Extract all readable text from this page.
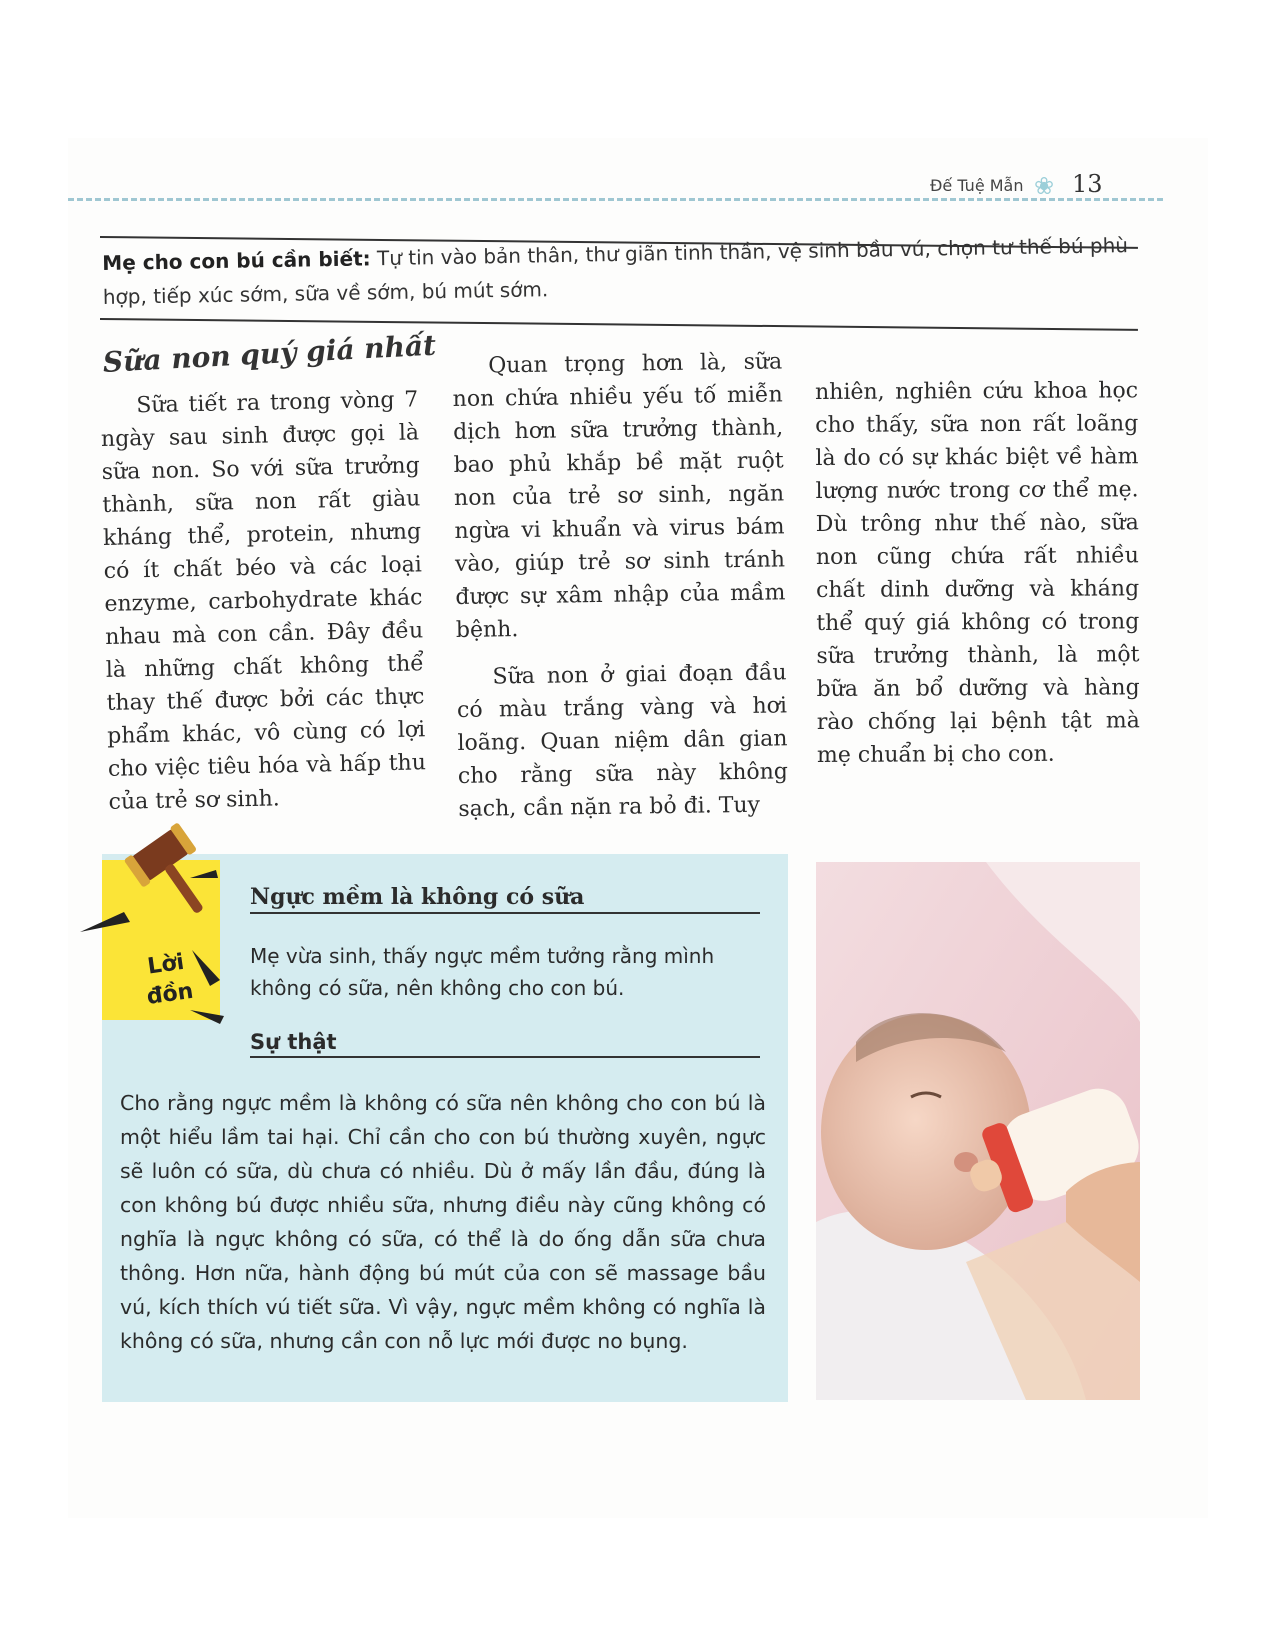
Đế Tuệ Mẫn ❀ 13
Mẹ cho con bú cần biết: Tự tin vào bản thân, thư giãn tinh thần, vệ sinh bầu vú, chọn tư thế bú phù hợp, tiếp xúc sớm, sữa về sớm, bú mút sớm.
Sữa non quý giá nhất

Sữa tiết ra trong vòng 7 ngày sau sinh được gọi là sữa non. So với sữa trưởng thành, sữa non rất giàu kháng thể, protein, nhưng có ít chất béo và các loại enzyme, carbohydrate khác nhau mà con cần. Đây đều là những chất không thể thay thế được bởi các thực phẩm khác, vô cùng có lợi cho việc tiêu hóa và hấp thu của trẻ sơ sinh.

Quan trọng hơn là, sữa non chứa nhiều yếu tố miễn dịch hơn sữa trưởng thành, bao phủ khắp bề mặt ruột non của trẻ sơ sinh, ngăn ngừa vi khuẩn và virus bám vào, giúp trẻ sơ sinh tránh được sự xâm nhập của mầm bệnh.

Sữa non ở giai đoạn đầu có màu trắng vàng và hơi loãng. Quan niệm dân gian cho rằng sữa này không sạch, cần nặn ra bỏ đi. Tuy

nhiên, nghiên cứu khoa học cho thấy, sữa non rất loãng là do có sự khác biệt về hàm lượng nước trong cơ thể mẹ. Dù trông như thế nào, sữa non cũng chứa rất nhiều chất dinh dưỡng và kháng thể quý giá không có trong sữa trưởng thành, là một bữa ăn bổ dưỡng và hàng rào chống lại bệnh tật mà mẹ chuẩn bị cho con.

Lời
đồn
Ngực mềm là không có sữa
Mẹ vừa sinh, thấy ngực mềm tưởng rằng mình không có sữa, nên không cho con bú.
Sự thật
Cho rằng ngực mềm là không có sữa nên không cho con bú là một hiểu lầm tai hại. Chỉ cần cho con bú thường xuyên, ngực sẽ luôn có sữa, dù chưa có nhiều. Dù ở mấy lần đầu, đúng là con không bú được nhiều sữa, nhưng điều này cũng không có nghĩa là ngực không có sữa, có thể là do ống dẫn sữa chưa thông. Hơn nữa, hành động bú mút của con sẽ massage bầu vú, kích thích vú tiết sữa. Vì vậy, ngực mềm không có nghĩa là không có sữa, nhưng cần con nỗ lực mới được no bụng.
